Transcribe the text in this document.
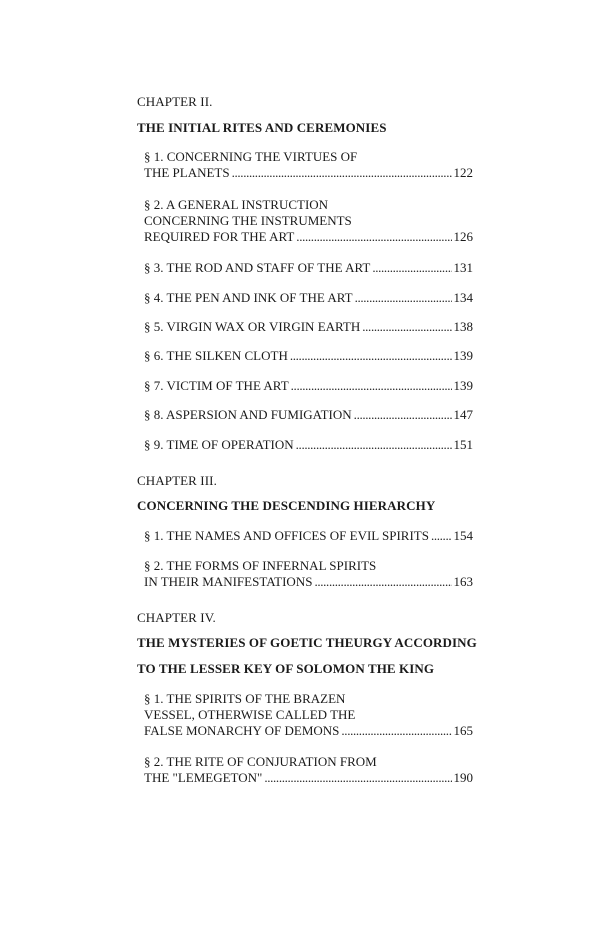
CHAPTER II.
THE INITIAL RITES AND CEREMONIES
§ 1. CONCERNING THE VIRTUES OF
THE PLANETS . . .	122
§ 2. A GENERAL INSTRUCTION
CONCERNING THE INSTRUMENTS
REQUIRED FOR THE ART . . .	126
§ 3. THE ROD AND STAFF OF THE ART . . .	131
§ 4. THE PEN AND INK OF THE ART . . .	134
§ 5. VIRGIN WAX OR VIRGIN EARTH . . .	138
§ 6. THE SILKEN CLOTH . . .	139
§ 7. VICTIM OF THE ART . . .	139
§ 8. ASPERSION AND FUMIGATION . . .	147
§ 9. TIME OF OPERATION . . .	151
CHAPTER III.
CONCERNING THE DESCENDING HIERARCHY
§ 1. THE NAMES AND OFFICES OF EVIL SPIRITS . . . 154
§ 2. THE FORMS OF INFERNAL SPIRITS
IN THEIR MANIFESTATIONS . . .	163
CHAPTER IV.
THE MYSTERIES OF GOETIC THEURGY ACCORDING
TO THE LESSER KEY OF SOLOMON THE KING
§ 1. THE SPIRITS OF THE BRAZEN
VESSEL, OTHERWISE CALLED THE
FALSE MONARCHY OF DEMONS . . .	165
§ 2. THE RITE OF CONJURATION FROM
THE "LEMEGETON" . . .	190
